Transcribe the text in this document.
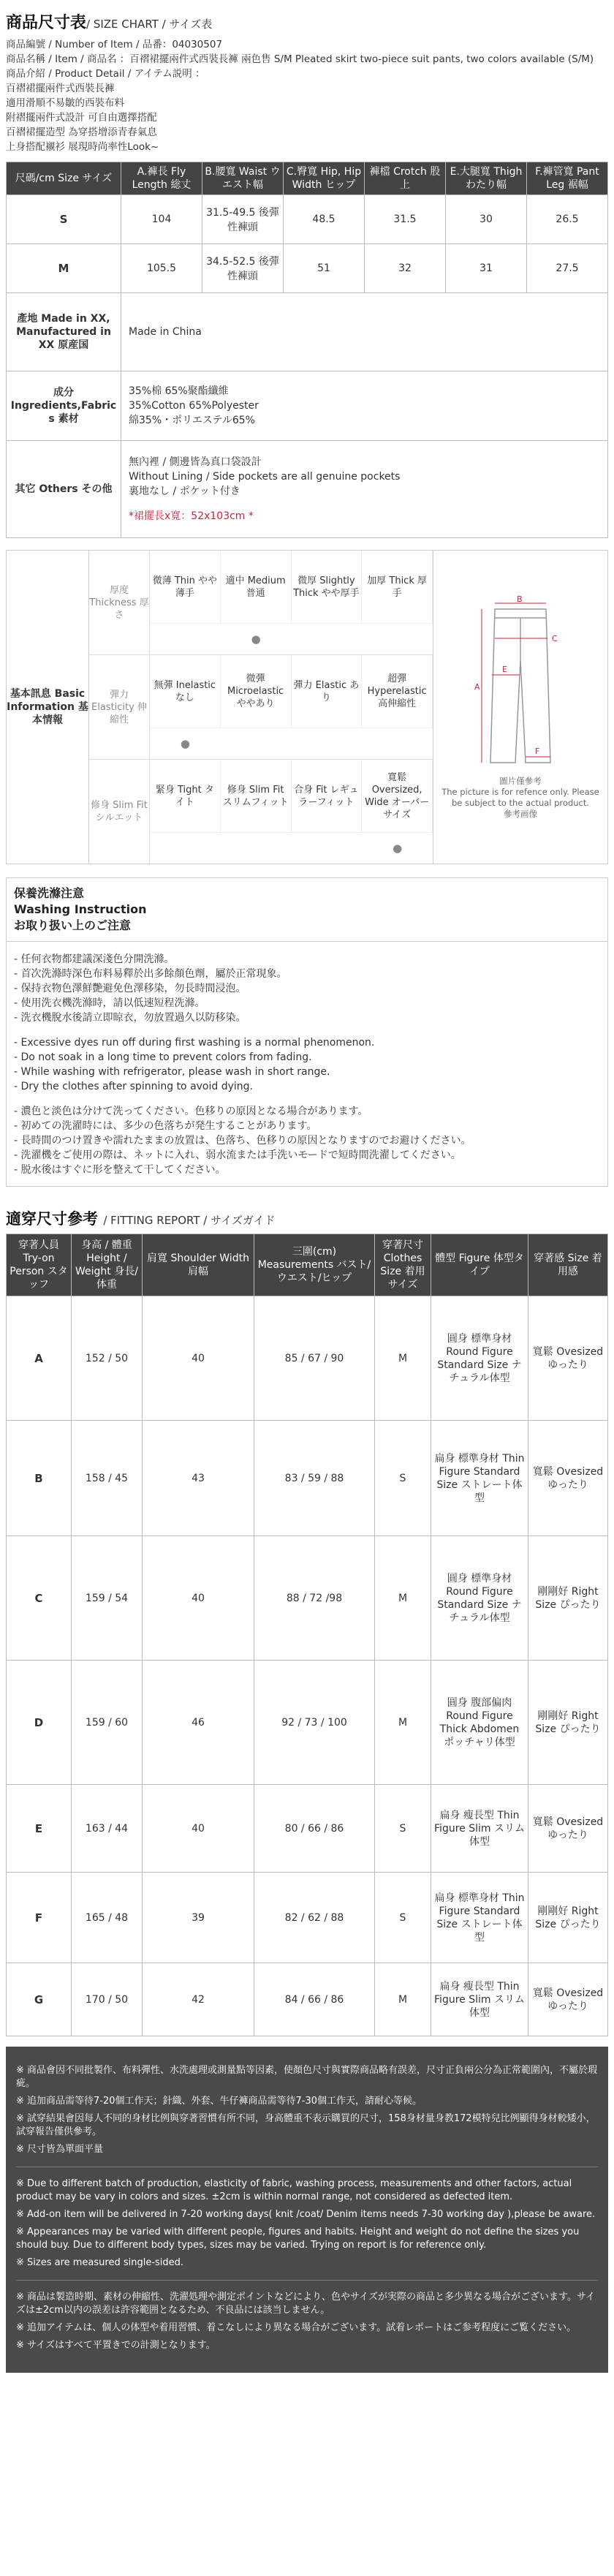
商品尺寸表/ SIZE CHART / サイズ表
商品編號 / Number of Item / 品番：04030507
商品名稱 / Item / 商品名 ：百褶裙擺兩件式西裝長褲 兩色售 S/M Pleated skirt two-piece suit pants, two colors available (S/M)
商品介紹 / Product Detail / アイテム説明 ：
百褶裙擺兩件式西裝長褲
適用滑順不易皺的西裝布料
附褶擺兩件式設計 可自由選擇搭配
百褶裙擺造型 為穿搭增添青春氣息
上身搭配襯衫 展現時尚率性Look~
尺碼/cm Size サイズ	A.褲長 Fly Length 総丈	B.腰寬 Waist ウエスト幅	C.臀寬 Hip, Hip Width ヒップ	褲檔 Crotch 股上	E.大腿寬 Thigh わたり幅	F.褲管寬 Pant Leg 裾幅
S	104	31.5-49.5 後彈性褲頭	48.5	31.5	30	26.5
M	105.5	34.5-52.5 後彈性褲頭	51	32	31	27.5
產地 Made in XX, Manufactured in XX 原産国	Made in China
成分 Ingredients,Fabrics 素材	35%棉 65%聚酯纖維
35%Cotton 65%Polyester
綿35%・ポリエステル65%

其它 Others その他	無內裡 / 側邊皆為真口袋設計
Without Lining / Side pockets are all genuine pockets
裏地なし / ポケット付き
*裙擺長x寬：52x103cm *
基本訊息 Basic Information 基本情報
厚度 Thickness 厚さ
微薄 Thin やや薄手
適中 Medium 普通
微厚 Slightly Thick やや厚手
加厚 Thick 厚手
●
彈力 Elasticity 伸縮性
無彈 Inelastic なし
微彈 Microelastic ややあり
彈力 Elastic あり
超彈 Hyperelastic 高伸縮性
●
修身 Slim Fit シルエット
緊身 Tight タイト
修身 Slim Fit スリムフィット
合身 Fit レギュラーフィット
寬鬆 Oversized, Wide オーバーサイズ
●
B
C
E
A
F
圖片僅參考
The picture is for refence only. Please be subject to the actual product.
參考画像
保養洗滌注意
Washing Instruction
お取り扱い上のご注意

- 任何衣物都建議深淺色分開洗滌。
- 首次洗滌時深色布料易釋於出多餘顏色劑，屬於正常現象。
- 保持衣物色澤鮮艷避免色澤移染，勿長時間浸泡。
- 使用洗衣機洗滌時，請以低速短程洗滌。
- 洗衣機脫水後請立即晾衣，勿放置過久以防移染。

- Excessive dyes run off during first washing is a normal phenomenon.
- Do not soak in a long time to prevent colors from fading.
- While washing with refrigerator, please wash in short range.
- Dry the clothes after spinning to avoid dying.

- 濃色と淡色は分けて洗ってください。色移りの原因となる場合があります。
- 初めての洗濯時には、多少の色落ちが発生することがあります。
- 長時間のつけ置きや濡れたままの放置は、色落ち、色移りの原因となりますのでお避けください。
- 洗濯機をご使用の際は、ネットに入れ、弱水流または手洗いモードで短時間洗濯してください。
- 脱水後はすぐに形を整えて干してください。

適穿尺寸參考 / FITTING REPORT / サイズガイド
穿著人員 Try-on Person スタッフ	身高 / 體重 Height / Weight 身長/体重	肩寬 Shoulder Width 肩幅	三圍(cm) Measurements バスト/ウエスト/ヒップ	穿著尺寸 Clothes Size 着用サイズ	體型 Figure 体型タイプ	穿著感 Size 着用感
A	152 / 50	40	85 / 67 / 90	M	圓身 標準身材 Round Figure Standard Size ナチュラル体型	寬鬆 Ovesized ゆったり
B	158 / 45	43	83 / 59 / 88	S	扁身 標準身材 Thin Figure Standard Size ストレート体型	寬鬆 Ovesized ゆったり
C	159 / 54	40	88 / 72 /98	M	圓身 標準身材 Round Figure Standard Size ナチュラル体型	剛剛好 Right Size ぴったり
D	159 / 60	46	92 / 73 / 100	M	圓身 腹部偏肉 Round Figure Thick Abdomen ポッチャリ体型	剛剛好 Right Size ぴったり
E	163 / 44	40	80 / 66 / 86	S	扁身 瘦長型 Thin Figure Slim スリム体型	寬鬆 Ovesized ゆったり
F	165 / 48	39	82 / 62 / 88	S	扁身 標準身材 Thin Figure Standard Size ストレート体型	剛剛好 Right Size ぴったり
G	170 / 50	42	84 / 66 / 86	M	扁身 瘦長型 Thin Figure Slim スリム体型	寬鬆 Ovesized ゆったり
※ 商品會因不同批製作、布料彈性、水洗處理或測量點等因素，使顏色尺寸與實際商品略有誤差，尺寸正負兩公分為正常範圍內，不屬於瑕疵。
※ 追加商品需等待7-20個工作天；針織、外套、牛仔褲商品需等待7-30個工作天，請耐心等候。
※ 試穿結果會因每人不同的身材比例與穿著習慣有所不同，身高體重不表示購買的尺寸，158身材量身教172模特兒比例顯得身材較矮小，試穿報告僅供參考。
※ 尺寸皆為單面平量
※ Due to different batch of production, elasticity of fabric, washing process, measurements and other factors, actual product may be vary in colors and sizes. ±2cm is within normal range, not considered as defected item.
※ Add-on item will be delivered in 7-20 working days( knit /coat/ Denim items needs 7-30 working day ),please be aware.
※ Appearances may be varied with different people, figures and habits. Height and weight do not define the sizes you should buy. Due to different body types, sizes may be varied. Trying on report is for reference only.
※ Sizes are measured single-sided.
※ 商品は製造時期、素材の伸縮性、洗濯処理や測定ポイントなどにより、色やサイズが実際の商品と多少異なる場合がございます。サイズは±2cm以内の誤差は許容範囲となるため、不良品には該当しません。
※ 追加アイテムは、個人の体型や着用習慣、着こなしにより異なる場合がございます。試着レポートはご参考程度にご覧ください。
※ サイズはすべて平置きでの計測となります。
